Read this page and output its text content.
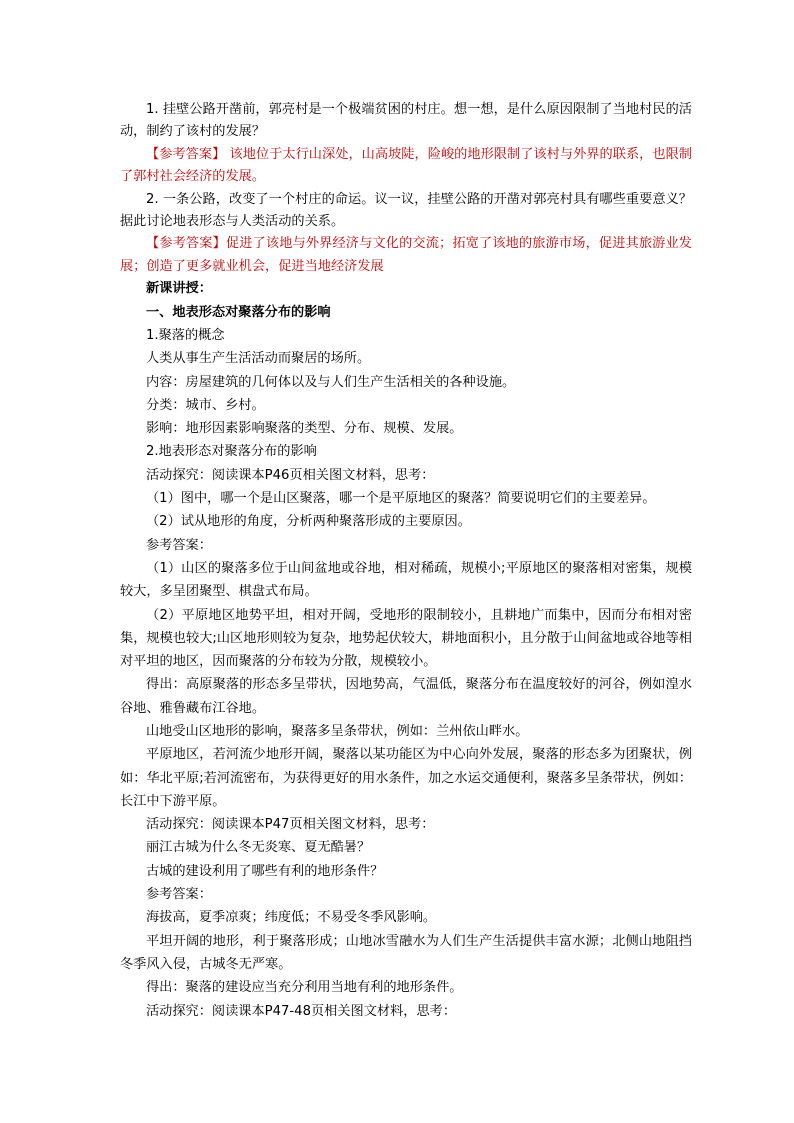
1. 挂壁公路开凿前，郭亮村是一个极端贫困的村庄。想一想，是什么原因限制了当地村民的活动，制约了该村的发展？

【参考答案】 该地位于太行山深处，山高坡陡，险峻的地形限制了该村与外界的联系，也限制了郭村社会经济的发展。

2. 一条公路，改变了一个村庄的命运。议一议，挂壁公路的开凿对郭亮村具有哪些重要意义？据此讨论地表形态与人类活动的关系。

【参考答案】促进了该地与外界经济与文化的交流；拓宽了该地的旅游市场，促进其旅游业发展；创造了更多就业机会，促进当地经济发展

新课讲授：

一、地表形态对聚落分布的影响

1.聚落的概念

人类从事生产生活活动而聚居的场所。

内容：房屋建筑的几何体以及与人们生产生活相关的各种设施。

分类：城市、乡村。

影响：地形因素影响聚落的类型、分布、规模、发展。

2.地表形态对聚落分布的影响

活动探究：阅读课本P46页相关图文材料，思考：

（1）图中，哪一个是山区聚落，哪一个是平原地区的聚落？简要说明它们的主要差异。

（2）试从地形的角度，分析两种聚落形成的主要原因。

参考答案：

（1）山区的聚落多位于山间盆地或谷地，相对稀疏，规模小;平原地区的聚落相对密集，规模较大，多呈团聚型、棋盘式布局。

（2）平原地区地势平坦，相对开阔，受地形的限制较小，且耕地广而集中，因而分布相对密集，规模也较大;山区地形则较为复杂，地势起伏较大，耕地面积小，且分散于山间盆地或谷地等相对平坦的地区，因而聚落的分布较为分散，规模较小。

得出：高原聚落的形态多呈带状，因地势高，气温低，聚落分布在温度较好的河谷，例如湟水谷地、雅鲁藏布江谷地。

山地受山区地形的影响，聚落多呈条带状，例如：兰州依山畔水。

平原地区，若河流少地形开阔，聚落以某功能区为中心向外发展，聚落的形态多为团聚状，例如：华北平原;若河流密布，为获得更好的用水条件，加之水运交通便利，聚落多呈条带状，例如：长江中下游平原。

活动探究：阅读课本P47页相关图文材料，思考：

丽江古城为什么冬无炎寒、夏无酷暑？

古城的建设利用了哪些有利的地形条件？

参考答案：

海拔高，夏季凉爽；纬度低；不易受冬季风影响。

平坦开阔的地形，利于聚落形成；山地冰雪融水为人们生产生活提供丰富水源；北侧山地阻挡冬季风入侵，古城冬无严寒。

得出：聚落的建设应当充分利用当地有利的地形条件。

活动探究：阅读课本P47-48页相关图文材料，思考：
